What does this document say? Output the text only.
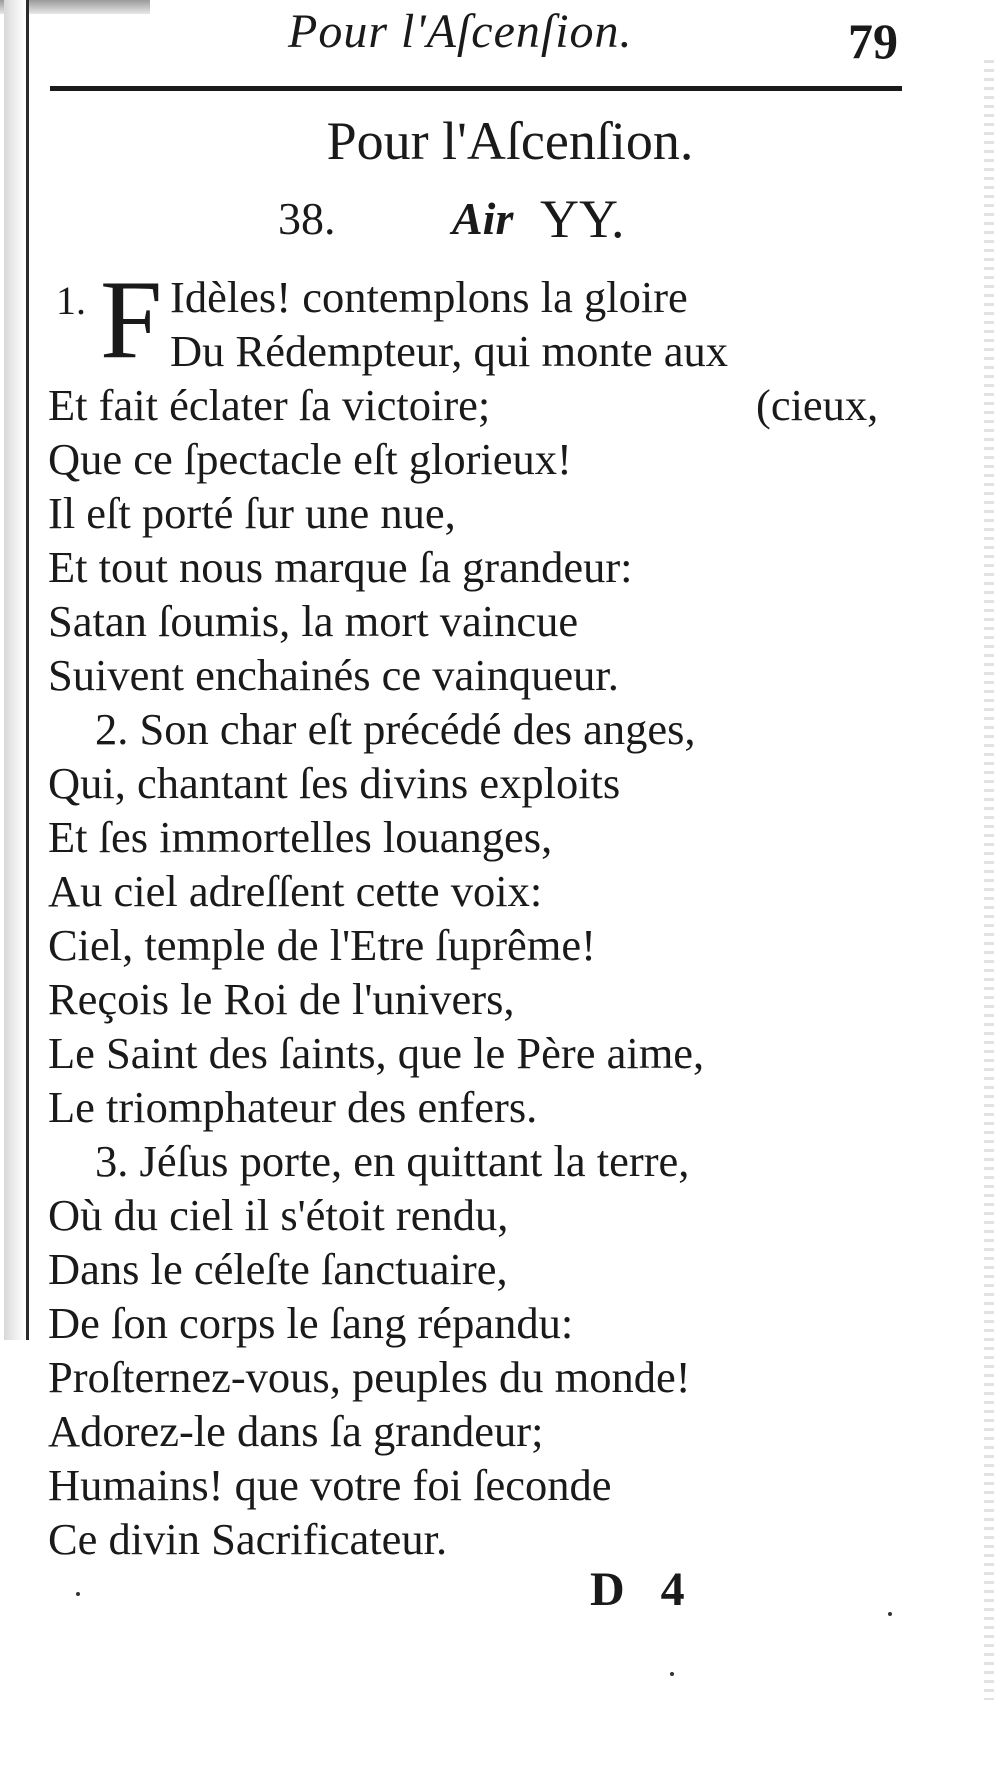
Pour l'Aſcenſion.	79
Pour l'Aſcenſion.
38.	Air YY.
1. F Idèles! contemplons la gloire
Du Rédempteur, qui monte aux
Et fait éclater ſa victoire;	(cieux,
Que ce ſpectacle eſt glorieux!
Il eſt porté ſur une nue,
Et tout nous marque ſa grandeur:
Satan ſoumis, la mort vaincue
Suivent enchainés ce vainqueur.
2. Son char eſt précédé des anges,
Qui, chantant ſes divins exploits
Et ſes immortelles louanges,
Au ciel adreſſent cette voix:
Ciel, temple de l'Etre ſuprême!
Reçois le Roi de l'univers,
Le Saint des ſaints, que le Père aime,
Le triomphateur des enfers.
3. Jéſus porte, en quittant la terre,
Où du ciel il s'étoit rendu,
Dans le céleſte ſanctuaire,
De ſon corps le ſang répandu:
Proſternez-vous, peuples du monde!
Adorez-le dans ſa grandeur;
Humains! que votre foi ſeconde
Ce divin Sacrificateur.
D 4
